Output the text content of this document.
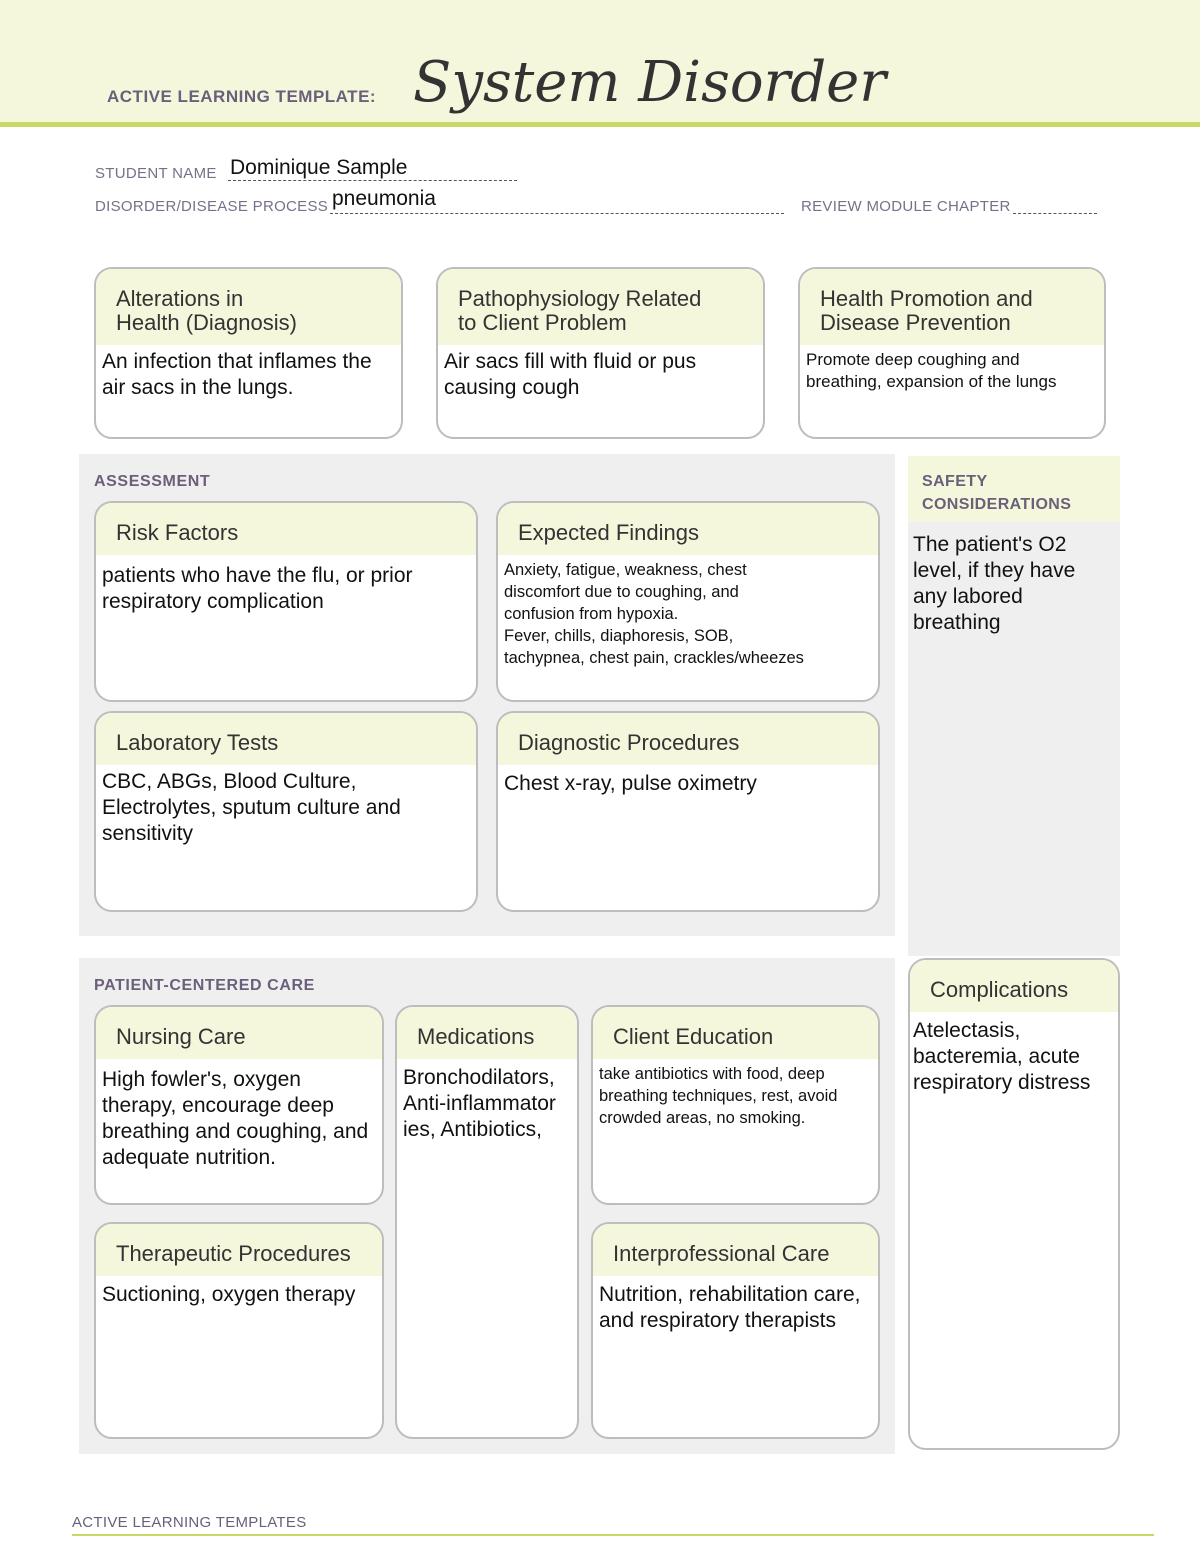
ACTIVE LEARNING TEMPLATE: System Disorder
STUDENT NAME Dominique Sample
DISORDER/DISEASE PROCESS pneumonia	REVIEW MODULE CHAPTER
Alterations in
Health (Diagnosis)
An infection that inflames the air sacs in the lungs.
Pathophysiology Related
to Client Problem
Air sacs fill with fluid or pus causing cough
Health Promotion and
Disease Prevention
Promote deep coughing and breathing, expansion of the lungs
ASSESSMENT
Risk Factors
patients who have the flu, or prior respiratory complication
Expected Findings
Anxiety, fatigue, weakness, chest
discomfort due to coughing, and
confusion from hypoxia.
Fever, chills, diaphoresis, SOB,
tachypnea, chest pain, crackles/wheezes
Laboratory Tests
CBC, ABGs, Blood Culture, Electrolytes, sputum culture and sensitivity
Diagnostic Procedures
Chest x-ray, pulse oximetry
SAFETY
CONSIDERATIONS
The patient's O2 level, if they have any labored breathing
PATIENT-CENTERED CARE
Nursing Care
High fowler's, oxygen therapy, encourage deep breathing and coughing, and adequate nutrition.
Medications
Bronchodilators,
Anti-inflammator
ies, Antibiotics,
Client Education
take antibiotics with food, deep breathing techniques, rest, avoid crowded areas, no smoking.
Therapeutic Procedures
Suctioning, oxygen therapy
Interprofessional Care
Nutrition, rehabilitation care, and respiratory therapists
Complications
Atelectasis, bacteremia, acute respiratory distress
ACTIVE LEARNING TEMPLATES
